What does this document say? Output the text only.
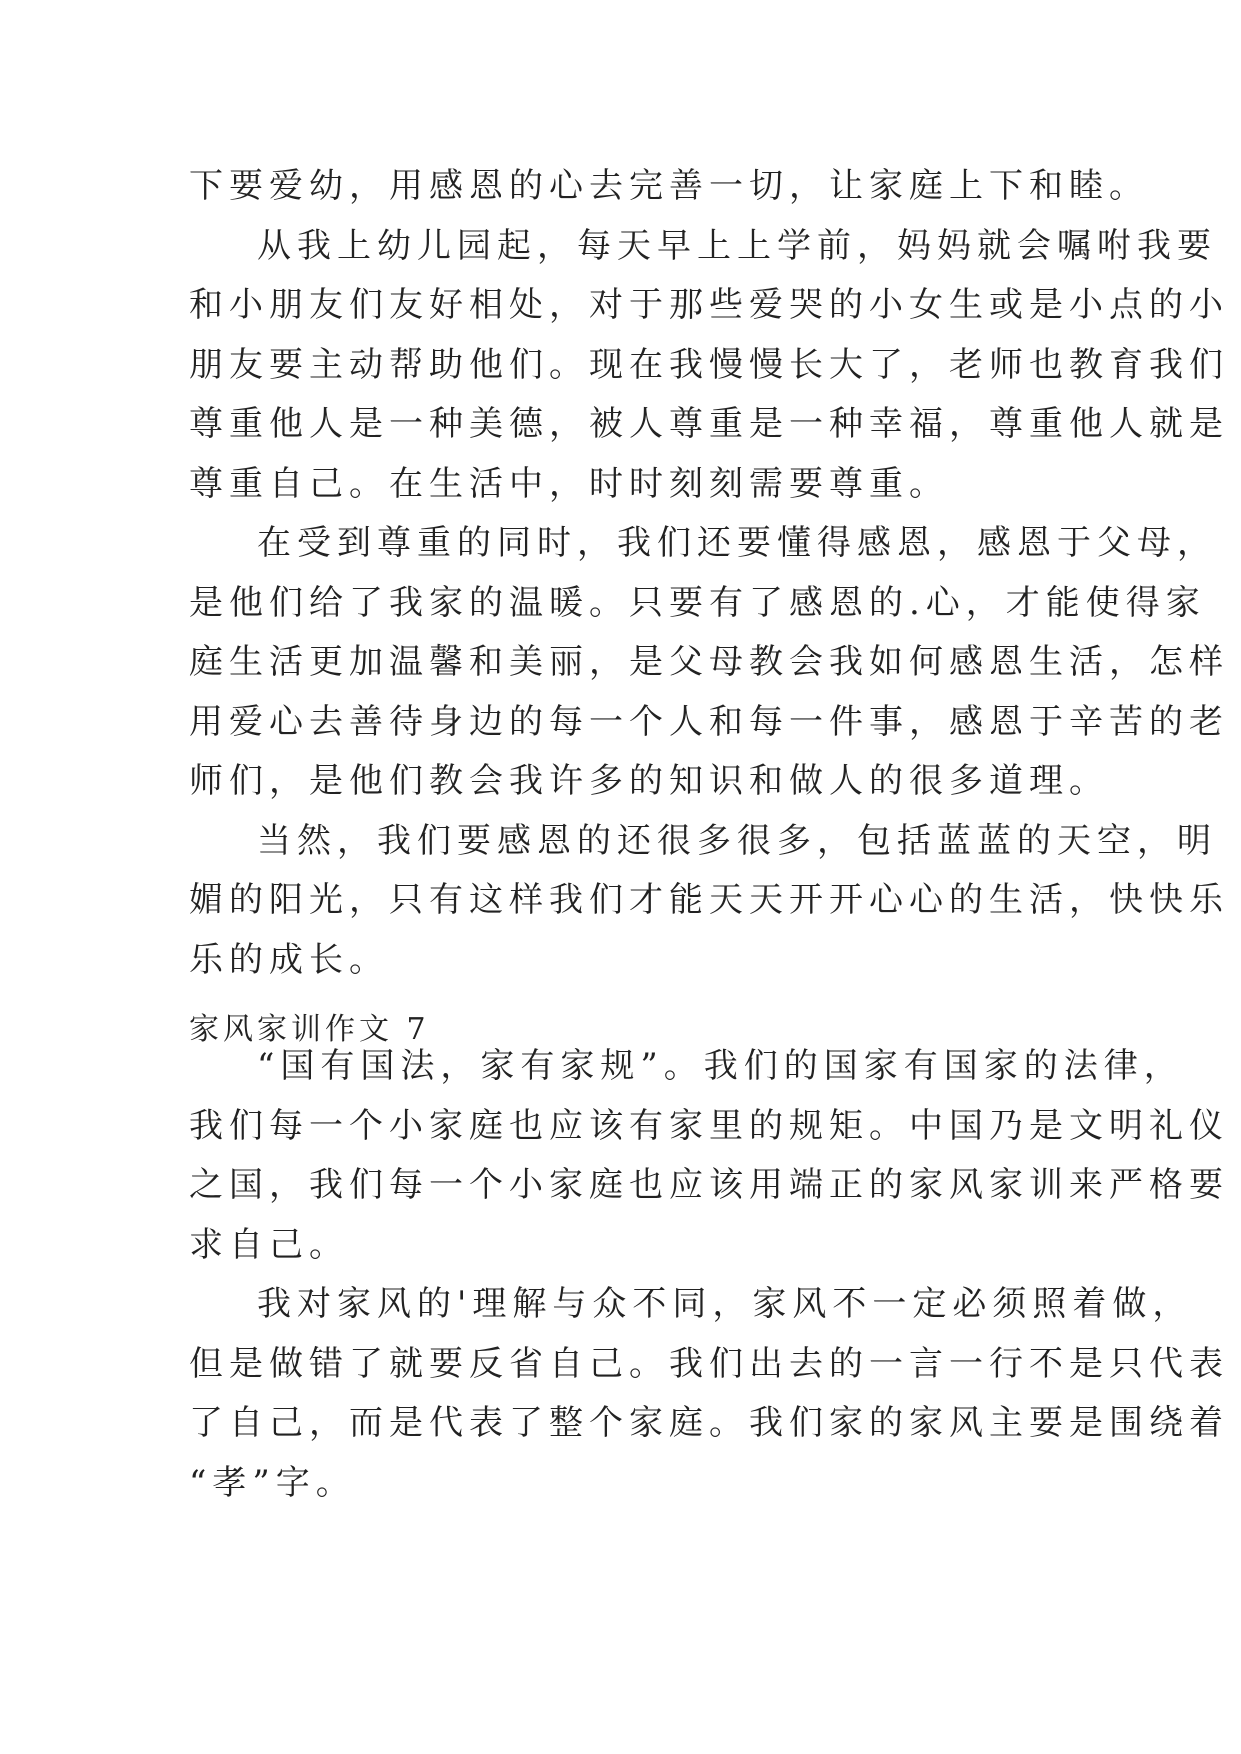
下要爱幼，用感恩的心去完善一切，让家庭上下和睦。
从我上幼儿园起，每天早上上学前，妈妈就会嘱咐我要
和小朋友们友好相处，对于那些爱哭的小女生或是小点的小
朋友要主动帮助他们。现在我慢慢长大了，老师也教育我们
尊重他人是一种美德，被人尊重是一种幸福，尊重他人就是
尊重自己。在生活中，时时刻刻需要尊重。
在受到尊重的同时，我们还要懂得感恩，感恩于父母，
是他们给了我家的温暖。只要有了感恩的.心，才能使得家
庭生活更加温馨和美丽，是父母教会我如何感恩生活，怎样
用爱心去善待身边的每一个人和每一件事，感恩于辛苦的老
师们，是他们教会我许多的知识和做人的很多道理。
当然，我们要感恩的还很多很多，包括蓝蓝的天空，明
媚的阳光，只有这样我们才能天天开开心心的生活，快快乐
乐的成长。
家风家训作文 7
“国有国法，家有家规”。我们的国家有国家的法律，
我们每一个小家庭也应该有家里的规矩。中国乃是文明礼仪
之国，我们每一个小家庭也应该用端正的家风家训来严格要
求自己。
我对家风的'理解与众不同，家风不一定必须照着做，
但是做错了就要反省自己。我们出去的一言一行不是只代表
了自己，而是代表了整个家庭。我们家的家风主要是围绕着
“孝”字。
